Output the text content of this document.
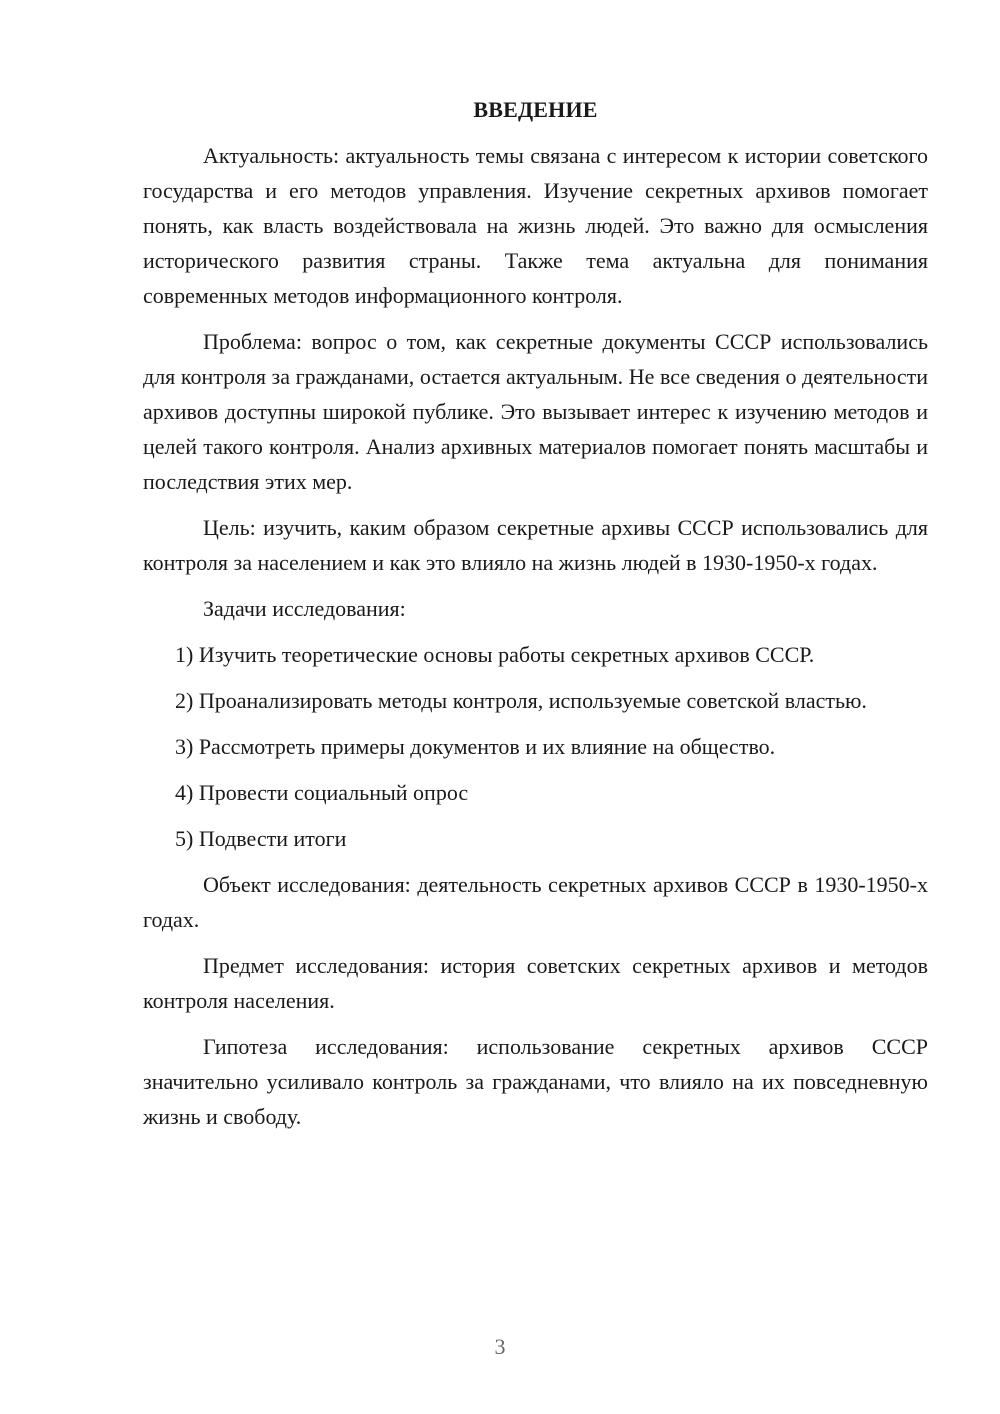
ВВЕДЕНИЕ

Актуальность: актуальность темы связана с интересом к истории советского государства и его методов управления. Изучение секретных архивов помогает понять, как власть воздействовала на жизнь людей. Это важно для осмысления исторического развития страны. Также тема актуальна для понимания современных методов информационного контроля.

Проблема: вопрос о том, как секретные документы СССР использовались для контроля за гражданами, остается актуальным. Не все сведения о деятельности архивов доступны широкой публике. Это вызывает интерес к изучению методов и целей такого контроля. Анализ архивных материалов помогает понять масштабы и последствия этих мер.

Цель: изучить, каким образом секретные архивы СССР использовались для контроля за населением и как это влияло на жизнь людей в 1930-1950-х годах.

Задачи исследования:

1) Изучить теоретические основы работы секретных архивов СССР.

2) Проанализировать методы контроля, используемые советской властью.

3) Рассмотреть примеры документов и их влияние на общество.

4) Провести социальный опрос

5) Подвести итоги

Объект исследования: деятельность секретных архивов СССР в 1930-1950-х годах.

Предмет исследования: история советских секретных архивов и методов контроля населения.

Гипотеза исследования: использование секретных архивов СССР значительно усиливало контроль за гражданами, что влияло на их повседневную жизнь и свободу.

3
